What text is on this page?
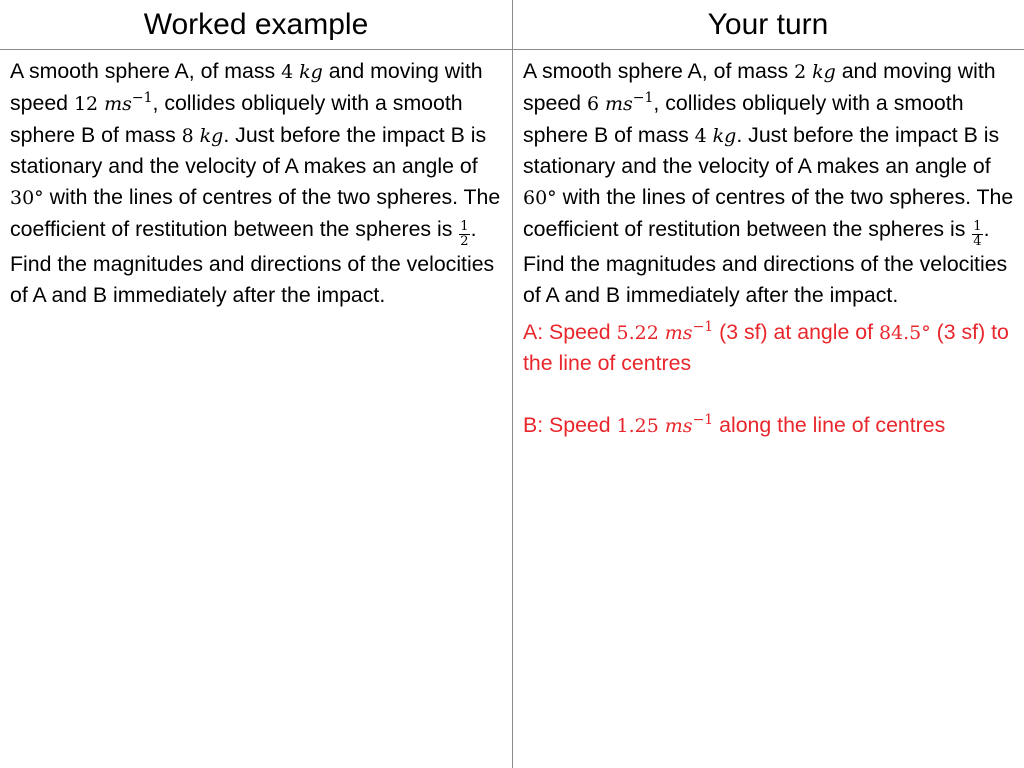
Worked example	Your turn
A smooth sphere A, of mass 4 kg and moving with speed 12 $ms^{-1}$, collides obliquely with a smooth sphere B of mass 8 kg. Just before the impact B is stationary and the velocity of A makes an angle of 30° with the lines of centres of the two spheres. The coefficient of restitution between the spheres is $\frac{1}{2}$ . Find the magnitudes and directions of the velocities of A and B immediately after the impact.
A smooth sphere A, of mass 2 kg and moving with speed 6 $ms^{-1}$, collides obliquely with a smooth sphere B of mass 4 kg. Just before the impact B is stationary and the velocity of A makes an angle of 60° with the lines of centres of the two spheres. The coefficient of restitution between the spheres is $\frac{1}{4}$ . Find the magnitudes and directions of the velocities of A and B immediately after the impact.
A: Speed 5.22 $ms^{-1}$ (3 sf) at angle of 84.5° (3 sf) to the line of centres
B: Speed 1.25 $ms^{-1}$ along the line of centres
